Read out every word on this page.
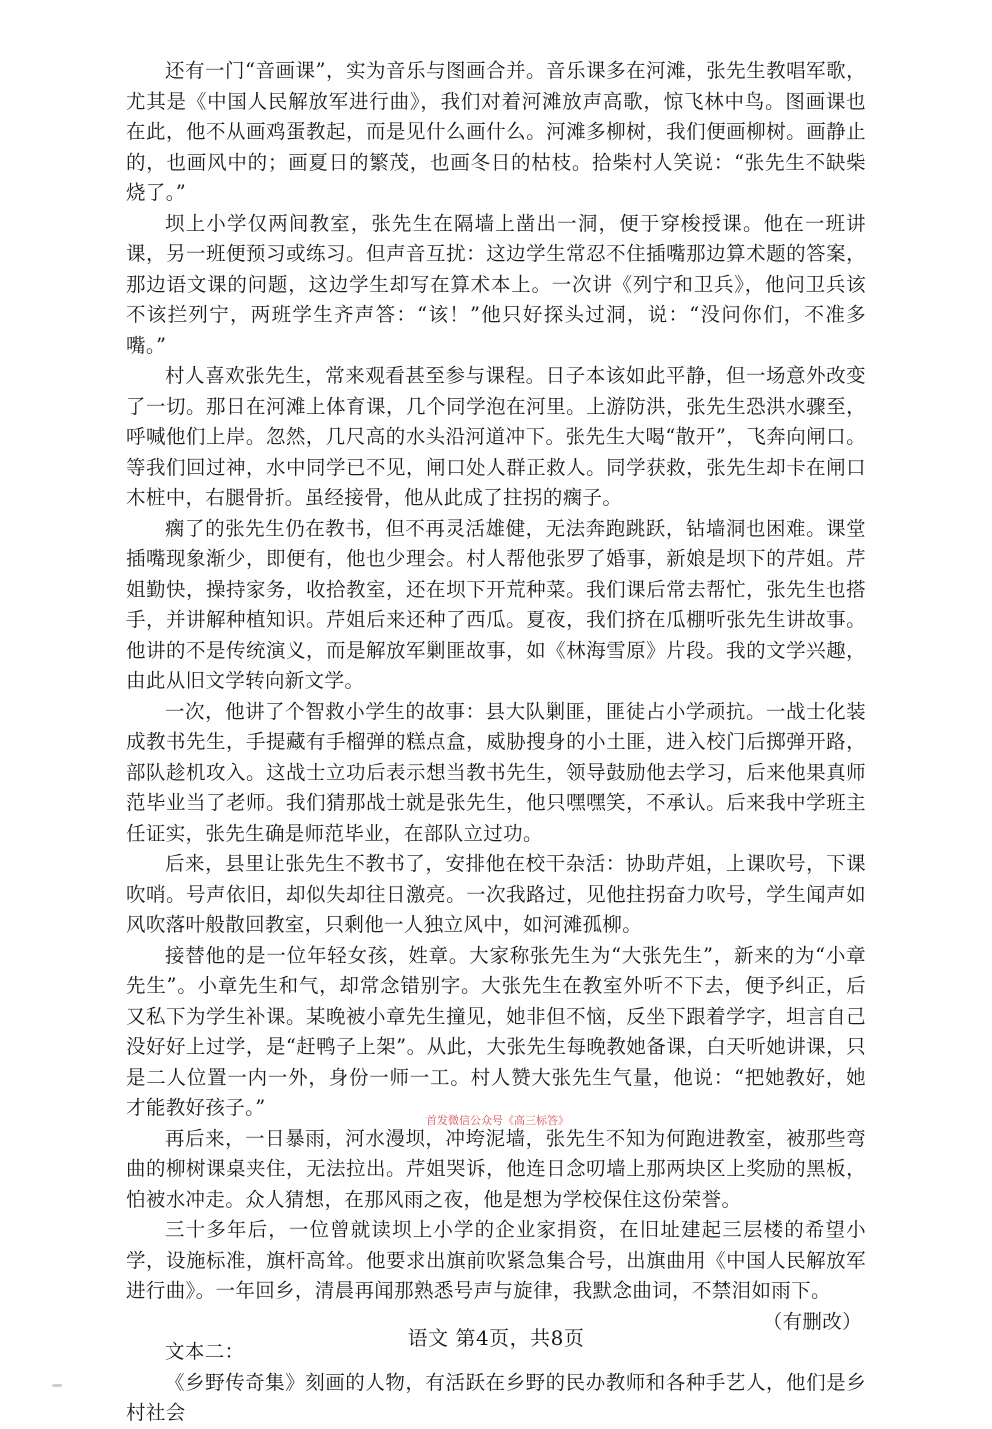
还有一门“音画课”，实为音乐与图画合并。音乐课多在河滩，张先生教唱军歌，尤其是《中国人民解放军进行曲》，我们对着河滩放声高歌，惊飞林中鸟。图画课也在此，他不从画鸡蛋教起，而是见什么画什么。河滩多柳树，我们便画柳树。画静止的，也画风中的；画夏日的繁茂，也画冬日的枯枝。拾柴村人笑说：“张先生不缺柴烧了。”

坝上小学仅两间教室，张先生在隔墙上凿出一洞，便于穿梭授课。他在一班讲课，另一班便预习或练习。但声音互扰：这边学生常忍不住插嘴那边算术题的答案，那边语文课的问题，这边学生却写在算术本上。一次讲《列宁和卫兵》，他问卫兵该不该拦列宁，两班学生齐声答：“该！”他只好探头过洞，说：“没问你们，不准多嘴。”

村人喜欢张先生，常来观看甚至参与课程。日子本该如此平静，但一场意外改变了一切。那日在河滩上体育课，几个同学泡在河里。上游防洪，张先生恐洪水骤至，呼喊他们上岸。忽然，几尺高的水头沿河道冲下。张先生大喝“散开”，飞奔向闸口。等我们回过神，水中同学已不见，闸口处人群正救人。同学获救，张先生却卡在闸口木桩中，右腿骨折。虽经接骨，他从此成了拄拐的瘸子。

瘸了的张先生仍在教书，但不再灵活雄健，无法奔跑跳跃，钻墙洞也困难。课堂插嘴现象渐少，即便有，他也少理会。村人帮他张罗了婚事，新娘是坝下的芹姐。芹姐勤快，操持家务，收拾教室，还在坝下开荒种菜。我们课后常去帮忙，张先生也搭手，并讲解种植知识。芹姐后来还种了西瓜。夏夜，我们挤在瓜棚听张先生讲故事。他讲的不是传统演义，而是解放军剿匪故事，如《林海雪原》片段。我的文学兴趣，由此从旧文学转向新文学。

一次，他讲了个智救小学生的故事：县大队剿匪，匪徒占小学顽抗。一战士化装成教书先生，手提藏有手榴弹的糕点盒，威胁搜身的小土匪，进入校门后掷弹开路，部队趁机攻入。这战士立功后表示想当教书先生，领导鼓励他去学习，后来他果真师范毕业当了老师。我们猜那战士就是张先生，他只嘿嘿笑，不承认。后来我中学班主任证实，张先生确是师范毕业，在部队立过功。

后来，县里让张先生不教书了，安排他在校干杂活：协助芹姐，上课吹号，下课吹哨。号声依旧，却似失却往日激亮。一次我路过，见他拄拐奋力吹号，学生闻声如风吹落叶般散回教室，只剩他一人独立风中，如河滩孤柳。

接替他的是一位年轻女孩，姓章。大家称张先生为“大张先生”，新来的为“小章先生”。小章先生和气，却常念错别字。大张先生在教室外听不下去，便予纠正，后又私下为学生补课。某晚被小章先生撞见，她非但不恼，反坐下跟着学字，坦言自己没好好上过学，是“赶鸭子上架”。从此，大张先生每晚教她备课，白天听她讲课，只是二人位置一内一外，身份一师一工。村人赞大张先生气量，他说：“把她教好，她才能教好孩子。”

再后来，一日暴雨，河水漫坝，冲垮泥墙，张先生不知为何跑进教室，被那些弯曲的柳树课桌夹住，无法拉出。芹姐哭诉，他连日念叨墙上那两块区上奖励的黑板，怕被水冲走。众人猜想，在那风雨之夜，他是想为学校保住这份荣誉。

三十多年后，一位曾就读坝上小学的企业家捐资，在旧址建起三层楼的希望小学，设施标准，旗杆高耸。他要求出旗前吹紧急集合号，出旗曲用《中国人民解放军进行曲》。一年回乡，清晨再闻那熟悉号声与旋律，我默念曲词，不禁泪如雨下。

（有删改）

文本二：

《乡野传奇集》刻画的人物，有活跃在乡野的民办教师和各种手艺人，他们是乡村社会

首发微信公众号《高三标答》
语文 第4页，共8页
